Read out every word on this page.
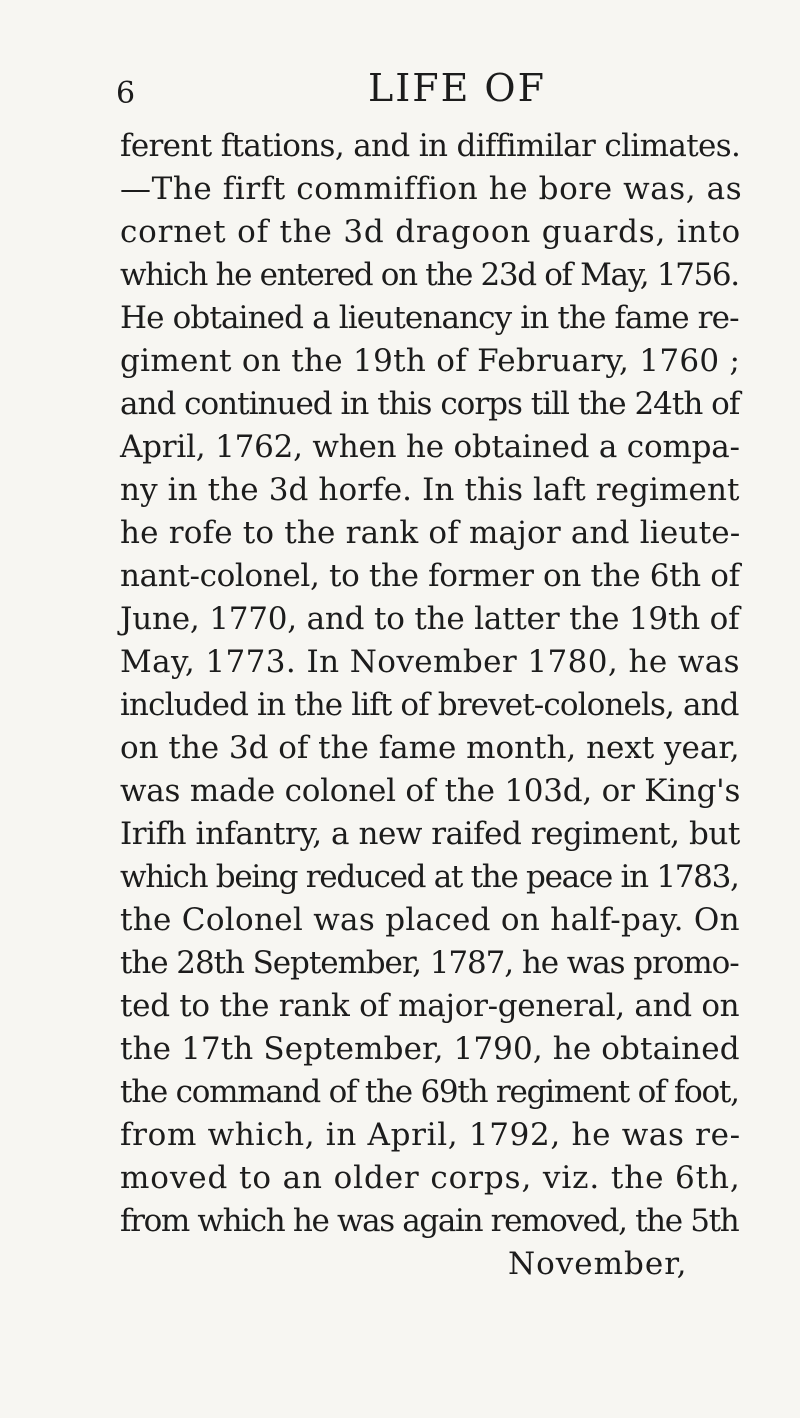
6	LIFE OF
ferent ftations, and in diffimilar climates.
—The firft commiffion he bore was, as
cornet of the 3d dragoon guards, into
which he entered on the 23d of May, 1756.
He obtained a lieutenancy in the fame re-
giment on the 19th of February, 1760 ;
and continued in this corps till the 24th of
April, 1762, when he obtained a compa-
ny in the 3d horfe. In this laft regiment
he rofe to the rank of major and lieute-
nant-colonel, to the former on the 6th of
June, 1770, and to the latter the 19th of
May, 1773. In November 1780, he was
included in the lift of brevet-colonels, and
on the 3d of the fame month, next year,
was made colonel of the 103d, or King's
Irifh infantry, a new raifed regiment, but
which being reduced at the peace in 1783,
the Colonel was placed on half-pay. On
the 28th September, 1787, he was promo-
ted to the rank of major-general, and on
the 17th September, 1790, he obtained
the command of the 69th regiment of foot,
from which, in April, 1792, he was re-
moved to an older corps, viz. the 6th,
from which he was again removed, the 5th
November,
